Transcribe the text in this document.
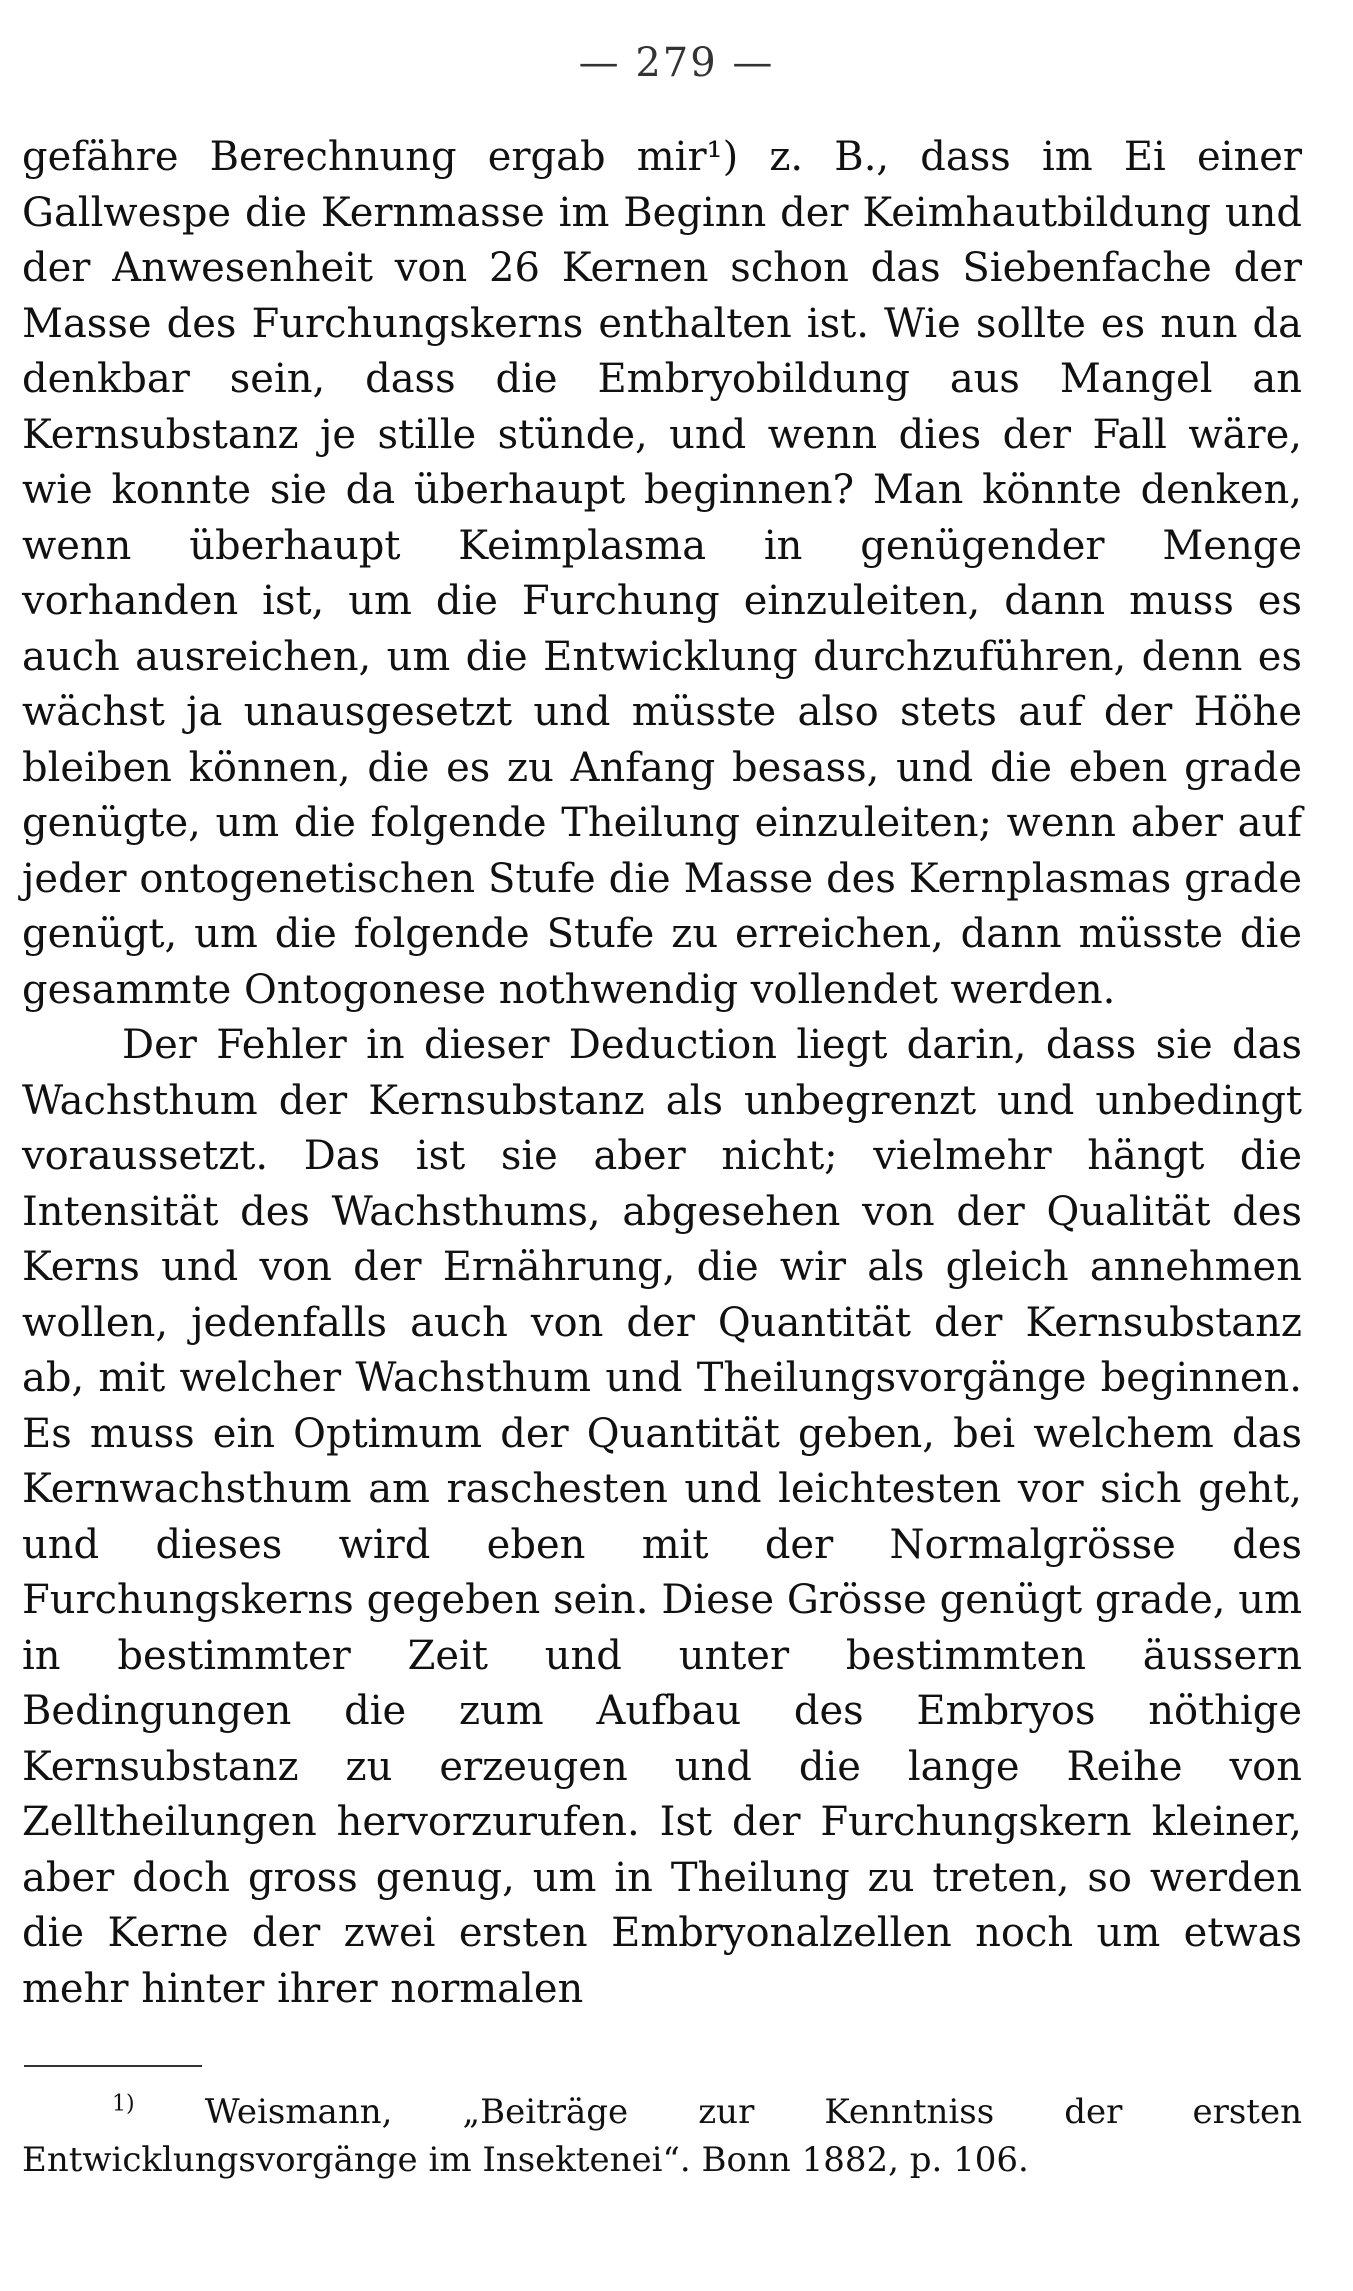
— 279 —

gefähre Berechnung ergab mir¹) z. B., dass im Ei einer Gallwespe die Kernmasse im Beginn der Keimhautbildung und der Anwesenheit von 26 Kernen schon das Siebenfache der Masse des Furchungskerns enthalten ist. Wie sollte es nun da denkbar sein, dass die Embryobildung aus Mangel an Kernsubstanz je stille stünde, und wenn dies der Fall wäre, wie konnte sie da überhaupt beginnen? Man könnte denken, wenn überhaupt Keimplasma in genügender Menge vorhanden ist, um die Furchung einzuleiten, dann muss es auch ausreichen, um die Entwicklung durchzuführen, denn es wächst ja unausgesetzt und müsste also stets auf der Höhe bleiben können, die es zu Anfang besass, und die eben grade genügte, um die folgende Theilung einzuleiten; wenn aber auf jeder ontogenetischen Stufe die Masse des Kernplasmas grade genügt, um die folgende Stufe zu erreichen, dann müsste die gesammte Ontogonese nothwendig vollendet werden.

Der Fehler in dieser Deduction liegt darin, dass sie das Wachsthum der Kernsubstanz als unbegrenzt und unbedingt voraussetzt. Das ist sie aber nicht; vielmehr hängt die Intensität des Wachsthums, abgesehen von der Qualität des Kerns und von der Ernährung, die wir als gleich annehmen wollen, jedenfalls auch von der Quantität der Kernsubstanz ab, mit welcher Wachsthum und Theilungsvorgänge beginnen. Es muss ein Optimum der Quantität geben, bei welchem das Kernwachsthum am raschesten und leichtesten vor sich geht, und dieses wird eben mit der Normalgrösse des Furchungskerns gegeben sein. Diese Grösse genügt grade, um in bestimmter Zeit und unter bestimmten äussern Bedingungen die zum Aufbau des Embryos nöthige Kernsubstanz zu erzeugen und die lange Reihe von Zelltheilungen hervorzurufen. Ist der Furchungskern kleiner, aber doch gross genug, um in Theilung zu treten, so werden die Kerne der zwei ersten Embryonalzellen noch um etwas mehr hinter ihrer normalen

$^{1)}$ Weismann, „Beiträge zur Kenntniss der ersten Entwicklungsvorgänge im Insektenei“. Bonn 1882, p. 106.
